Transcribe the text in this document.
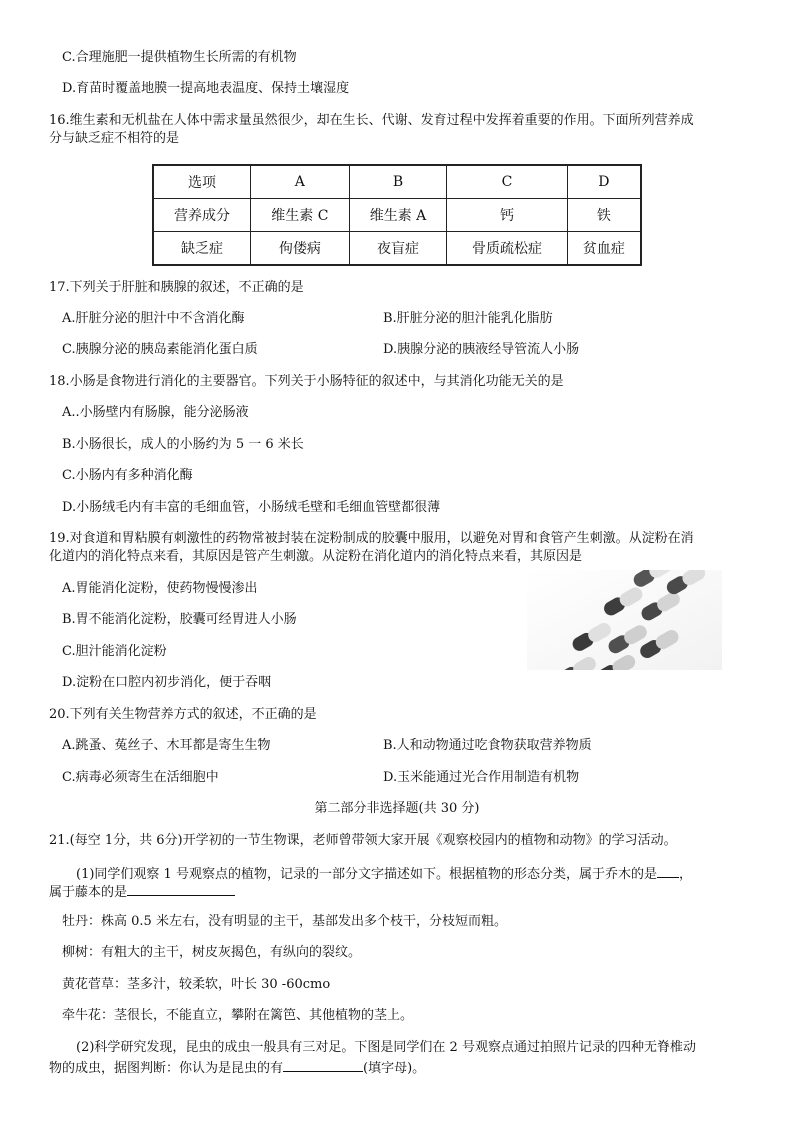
C.合理施肥一提供植物生长所需的有机物
D.育苗时覆盖地膜一提高地表温度、保持土壤湿度
16.维生素和无机盐在人体中需求量虽然很少，却在生长、代谢、发育过程中发挥着重要的作用。下面所列营养成
分与缺乏症不相符的是
选项	A	B	C	D
营养成分	维生素 C	维生素 A	钙	铁
缺乏症	佝偻病	夜盲症	骨质疏松症	贫血症
17.下列关于肝脏和胰腺的叙述，不正确的是
A.肝脏分泌的胆汁中不含消化酶	B.肝脏分泌的胆汁能乳化脂肪
C.胰腺分泌的胰岛素能消化蛋白质	D.胰腺分泌的胰液经导管流人小肠
18.小肠是食物进行消化的主要器官。下列关于小肠特征的叙述中，与其消化功能无关的是
A..小肠壁内有肠腺，能分泌肠液
B.小肠很长，成人的小肠约为 5 一 6 米长
C.小肠内有多种消化酶
D.小肠绒毛内有丰富的毛细血管，小肠绒毛壁和毛细血管壁都很薄
19.对食道和胃粘膜有刺激性的药物常被封装在淀粉制成的胶囊中服用，以避免对胃和食管产生刺激。从淀粉在消
化道内的消化特点来看，其原因是管产生刺激。从淀粉在消化道内的消化特点来看，其原因是
A.胃能消化淀粉，使药物慢慢渗出
B.胃不能消化淀粉，胶囊可经胃进人小肠
C.胆汁能消化淀粉
D.淀粉在口腔内初步消化，便于吞咽
20.下列有关生物营养方式的叙述，不正确的是
A.跳蚤、菟丝子、木耳都是寄生生物	B.人和动物通过吃食物获取营养物质
C.病毒必须寄生在活细胞中	D.玉米能通过光合作用制造有机物
第二部分非选择题(共 30 分)
21.(每空 1分，共 6分)开学初的一节生物课，老师曾带领大家开展《观察校园内的植物和动物》的学习活动。
(1)同学们观察 1 号观察点的植物，记录的一部分文字描述如下。根据植物的形态分类，属于乔木的是 ，
属于藤本的是
牡丹：株高 0.5 米左右，没有明显的主干，基部发出多个枝干，分枝短而粗。
柳树：有粗大的主干，树皮灰揭色，有纵向的裂纹。
黄花菅草：茎多汁，较柔软，叶长 30 -60cmo
牵牛花：茎很长，不能直立，攀附在篱笆、其他植物的茎上。
(2)科学研究发现，昆虫的成虫一般具有三对足。下图是同学们在 2 号观察点通过拍照片记录的四种无脊椎动
物的成虫，据图判断：你认为是昆虫的有	(填字母)。
